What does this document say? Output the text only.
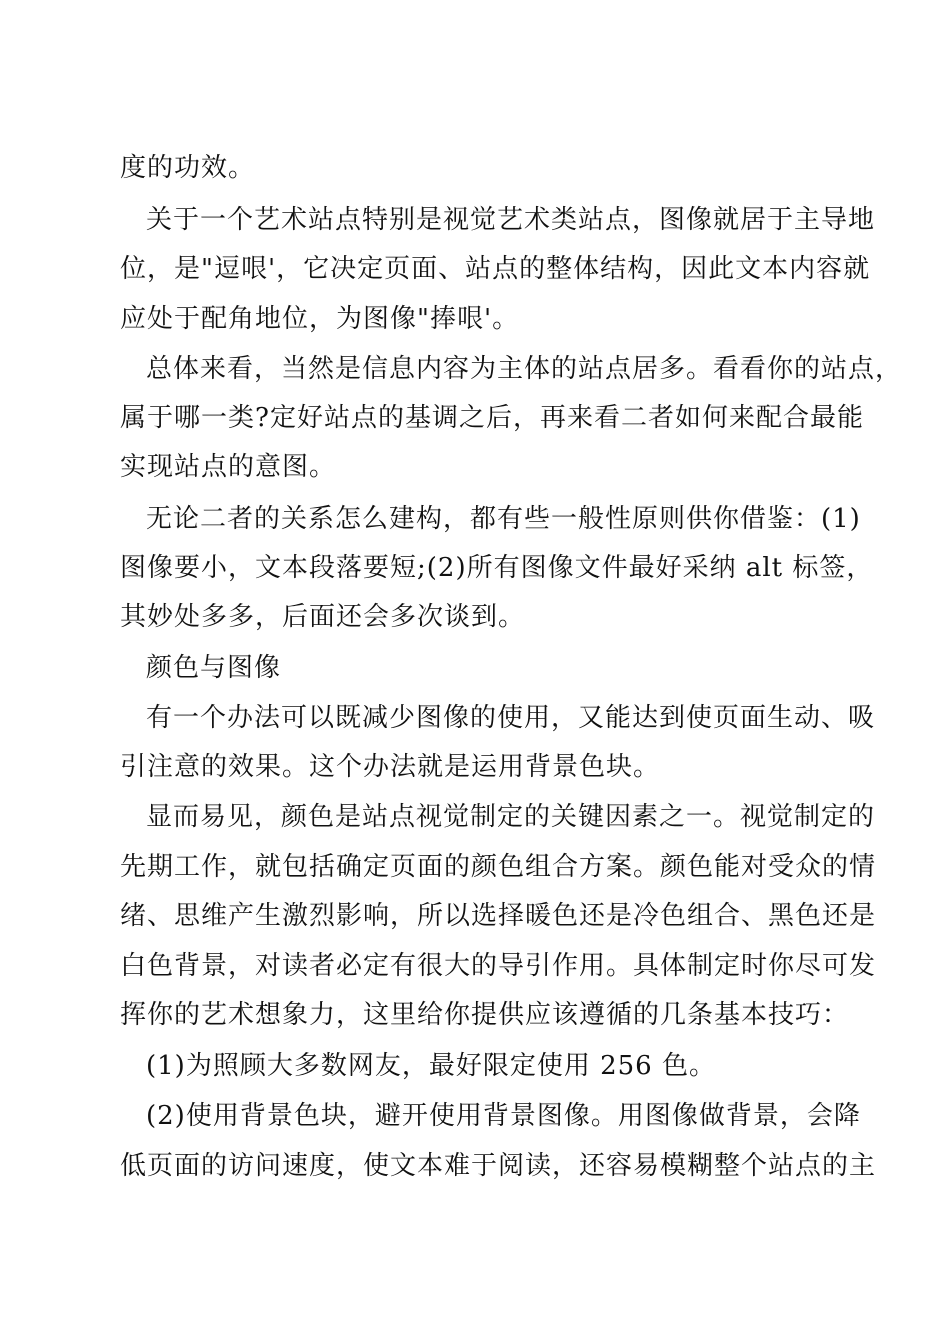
度的功效。
关于一个艺术站点特别是视觉艺术类站点，图像就居于主导地
位，是"逗哏'，它决定页面、站点的整体结构，因此文本内容就
应处于配角地位，为图像"捧哏'。
总体来看，当然是信息内容为主体的站点居多。看看你的站点，
属于哪一类?定好站点的基调之后，再来看二者如何来配合最能
实现站点的意图。
无论二者的关系怎么建构，都有些一般性原则供你借鉴：(1)
图像要小，文本段落要短;(2)所有图像文件最好采纳 alt 标签，
其妙处多多，后面还会多次谈到。
颜色与图像
有一个办法可以既减少图像的使用，又能达到使页面生动、吸
引注意的效果。这个办法就是运用背景色块。
显而易见，颜色是站点视觉制定的关键因素之一。视觉制定的
先期工作，就包括确定页面的颜色组合方案。颜色能对受众的情
绪、思维产生激烈影响，所以选择暖色还是冷色组合、黑色还是
白色背景，对读者必定有很大的导引作用。具体制定时你尽可发
挥你的艺术想象力，这里给你提供应该遵循的几条基本技巧：
(1)为照顾大多数网友，最好限定使用 256 色。
(2)使用背景色块，避开使用背景图像。用图像做背景，会降
低页面的访问速度，使文本难于阅读，还容易模糊整个站点的主
